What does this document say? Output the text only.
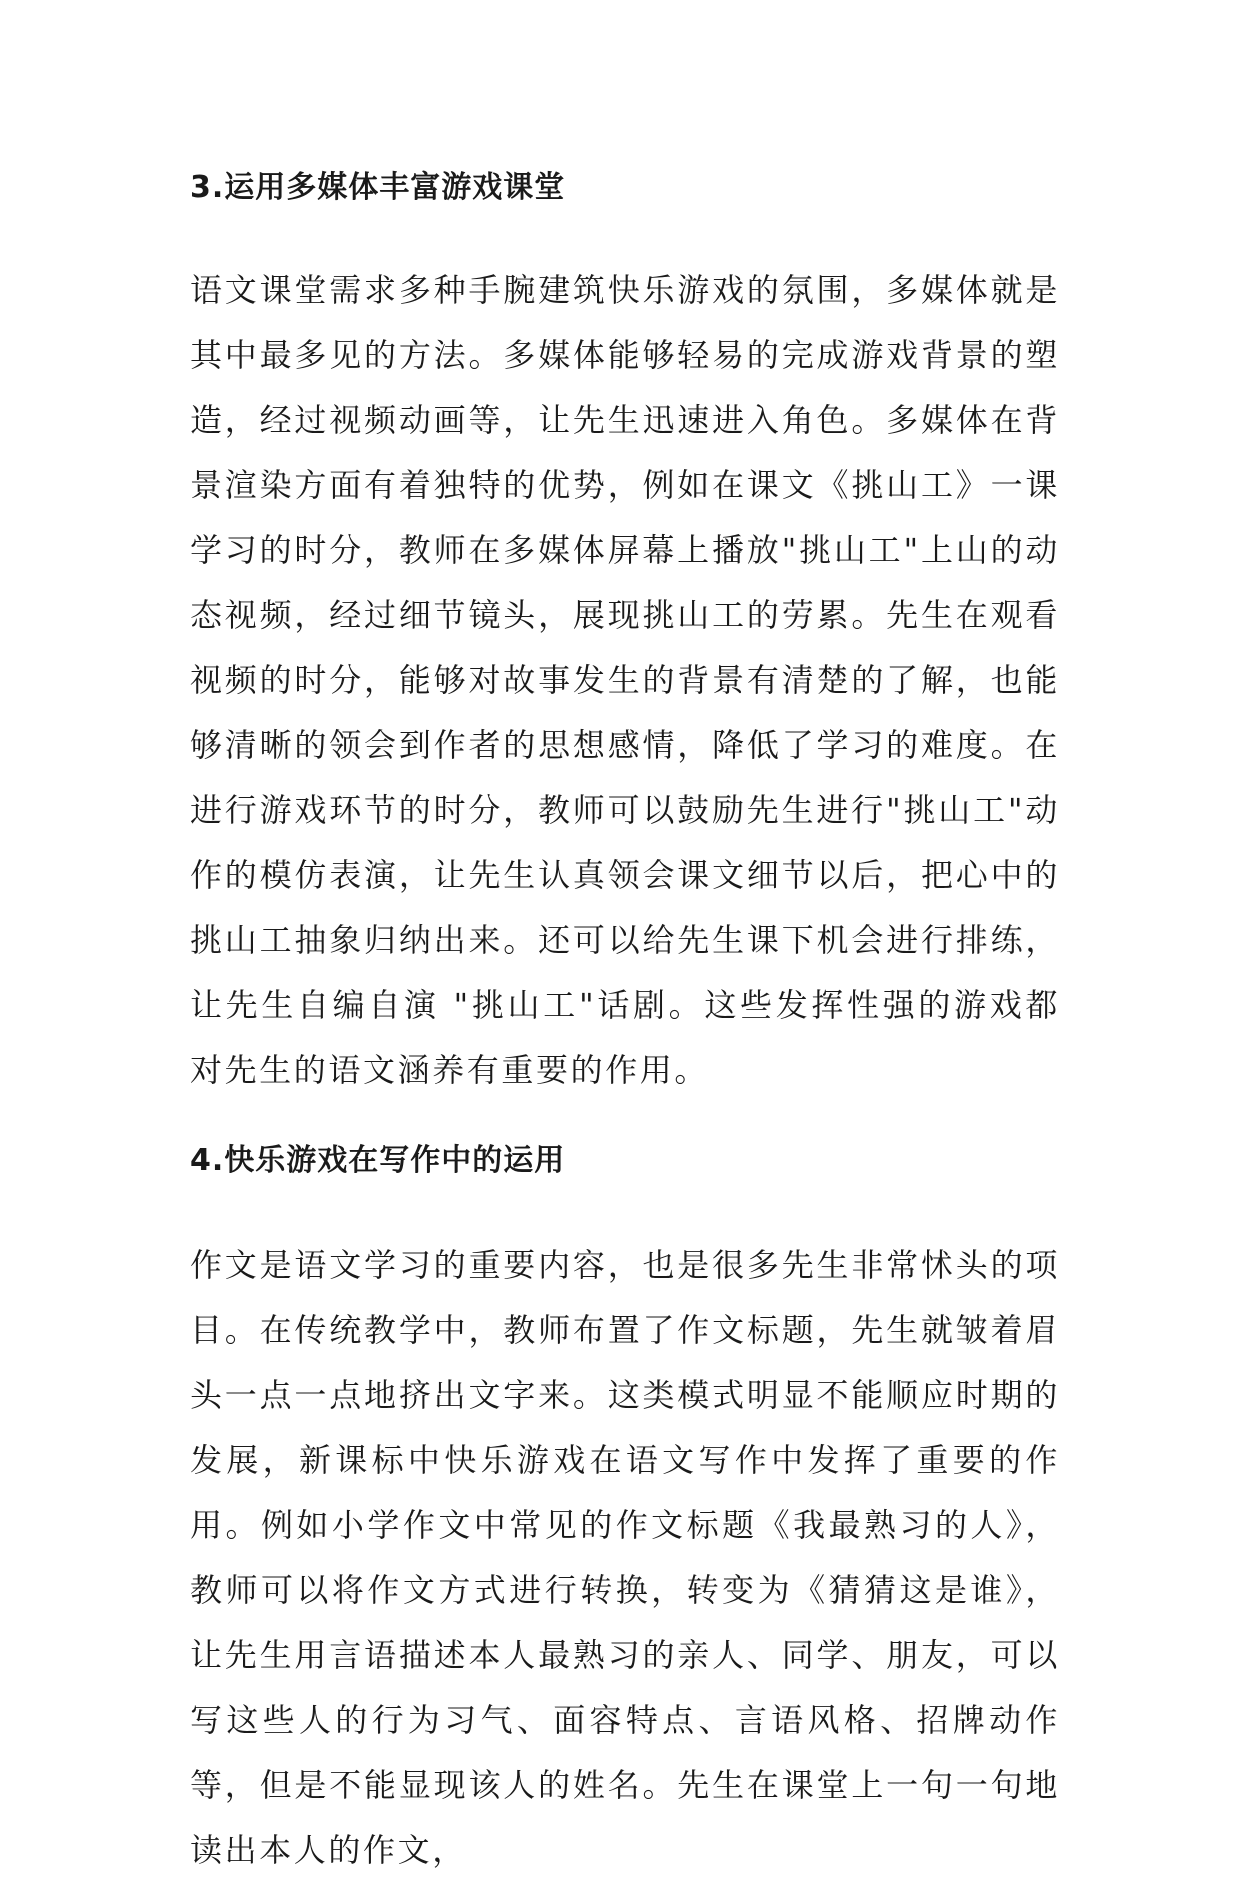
3.运用多媒体丰富游戏课堂

语文课堂需求多种手腕建筑快乐游戏的氛围，多媒体就是其中最多见的方法。多媒体能够轻易的完成游戏背景的塑造，经过视频动画等，让先生迅速进入角色。多媒体在背景渲染方面有着独特的优势，例如在课文《挑山工》一课学习的时分，教师在多媒体屏幕上播放"挑山工"上山的动态视频，经过细节镜头，展现挑山工的劳累。先生在观看视频的时分，能够对故事发生的背景有清楚的了解，也能够清晰的领会到作者的思想感情，降低了学习的难度。在进行游戏环节的时分，教师可以鼓励先生进行"挑山工"动作的模仿表演，让先生认真领会课文细节以后，把心中的挑山工抽象归纳出来。还可以给先生课下机会进行排练，让先生自编自演 "挑山工"话剧。这些发挥性强的游戏都对先生的语文涵养有重要的作用。

4.快乐游戏在写作中的运用

作文是语文学习的重要内容，也是很多先生非常怵头的项目。在传统教学中，教师布置了作文标题，先生就皱着眉头一点一点地挤出文字来。这类模式明显不能顺应时期的发展，新课标中快乐游戏在语文写作中发挥了重要的作用。例如小学作文中常见的作文标题《我最熟习的人》，教师可以将作文方式进行转换，转变为《猜猜这是谁》，让先生用言语描述本人最熟习的亲人、同学、朋友，可以写这些人的行为习气、面容特点、言语风格、招牌动作等，但是不能显现该人的姓名。先生在课堂上一句一句地读出本人的作文，
